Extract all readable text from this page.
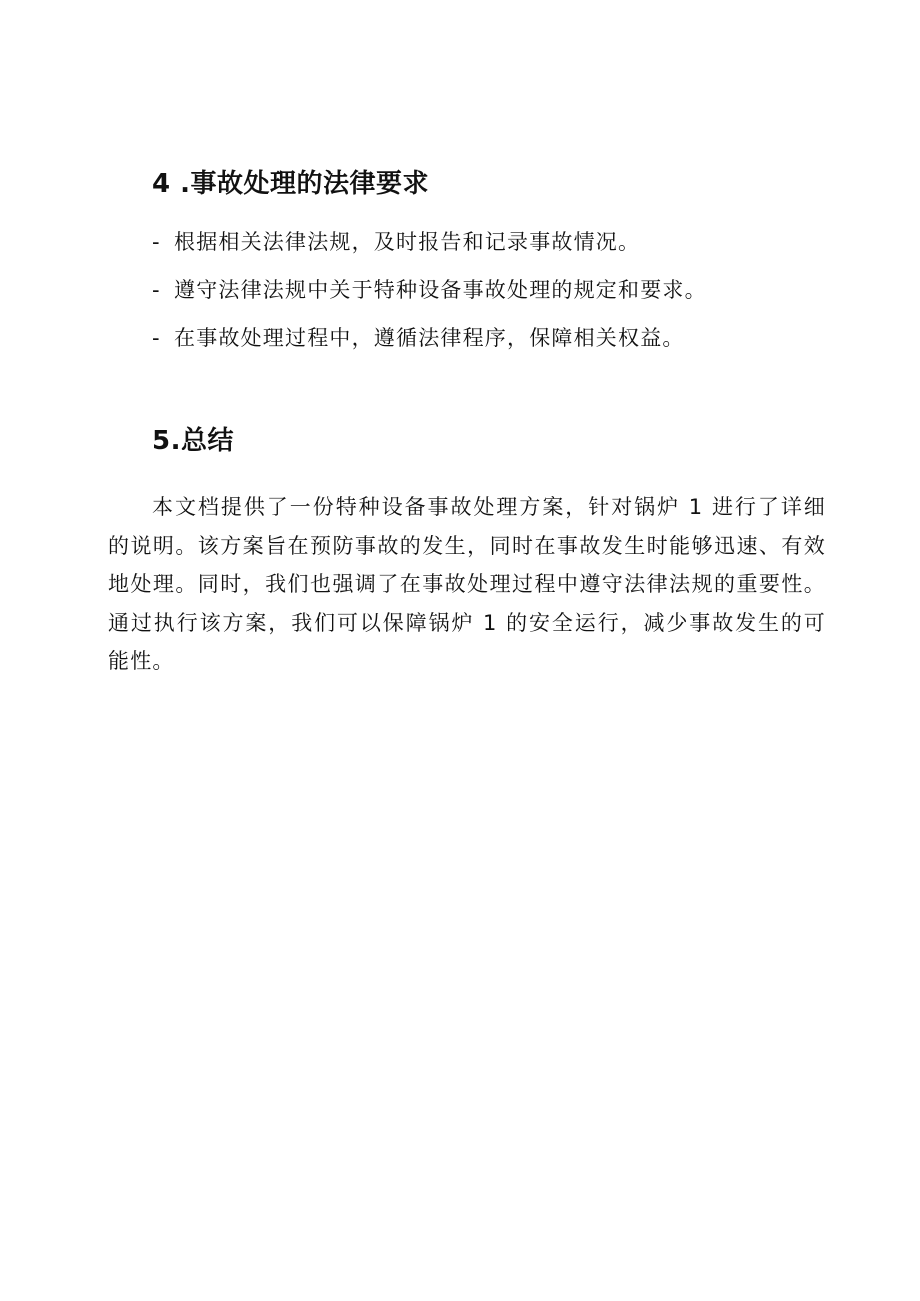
4 .事故处理的法律要求
- 根据相关法律法规，及时报告和记录事故情况。
- 遵守法律法规中关于特种设备事故处理的规定和要求。
- 在事故处理过程中，遵循法律程序，保障相关权益。
5.总结

本文档提供了一份特种设备事故处理方案，针对锅炉 1 进行了详细的说明。该方案旨在预防事故的发生，同时在事故发生时能够迅速、有效地处理。同时，我们也强调了在事故处理过程中遵守法律法规的重要性。通过执行该方案，我们可以保障锅炉 1 的安全运行，减少事故发生的可能性。
